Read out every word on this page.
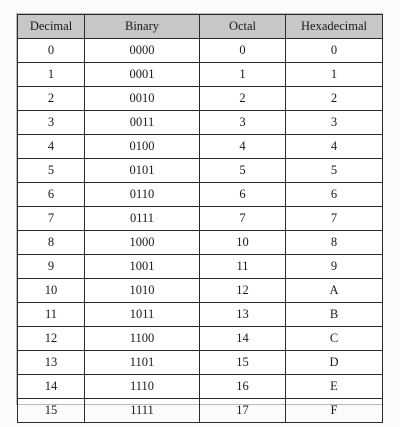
Decimal	Binary	Octal	Hexadecimal
0	0000	0	0
1	0001	1	1
2	0010	2	2
3	0011	3	3
4	0100	4	4
5	0101	5	5
6	0110	6	6
7	0111	7	7
8	1000	10	8
9	1001	11	9
10	1010	12	A
11	1011	13	B
12	1100	14	C
13	1101	15	D
14	1110	16	E
15	1111	17	F
